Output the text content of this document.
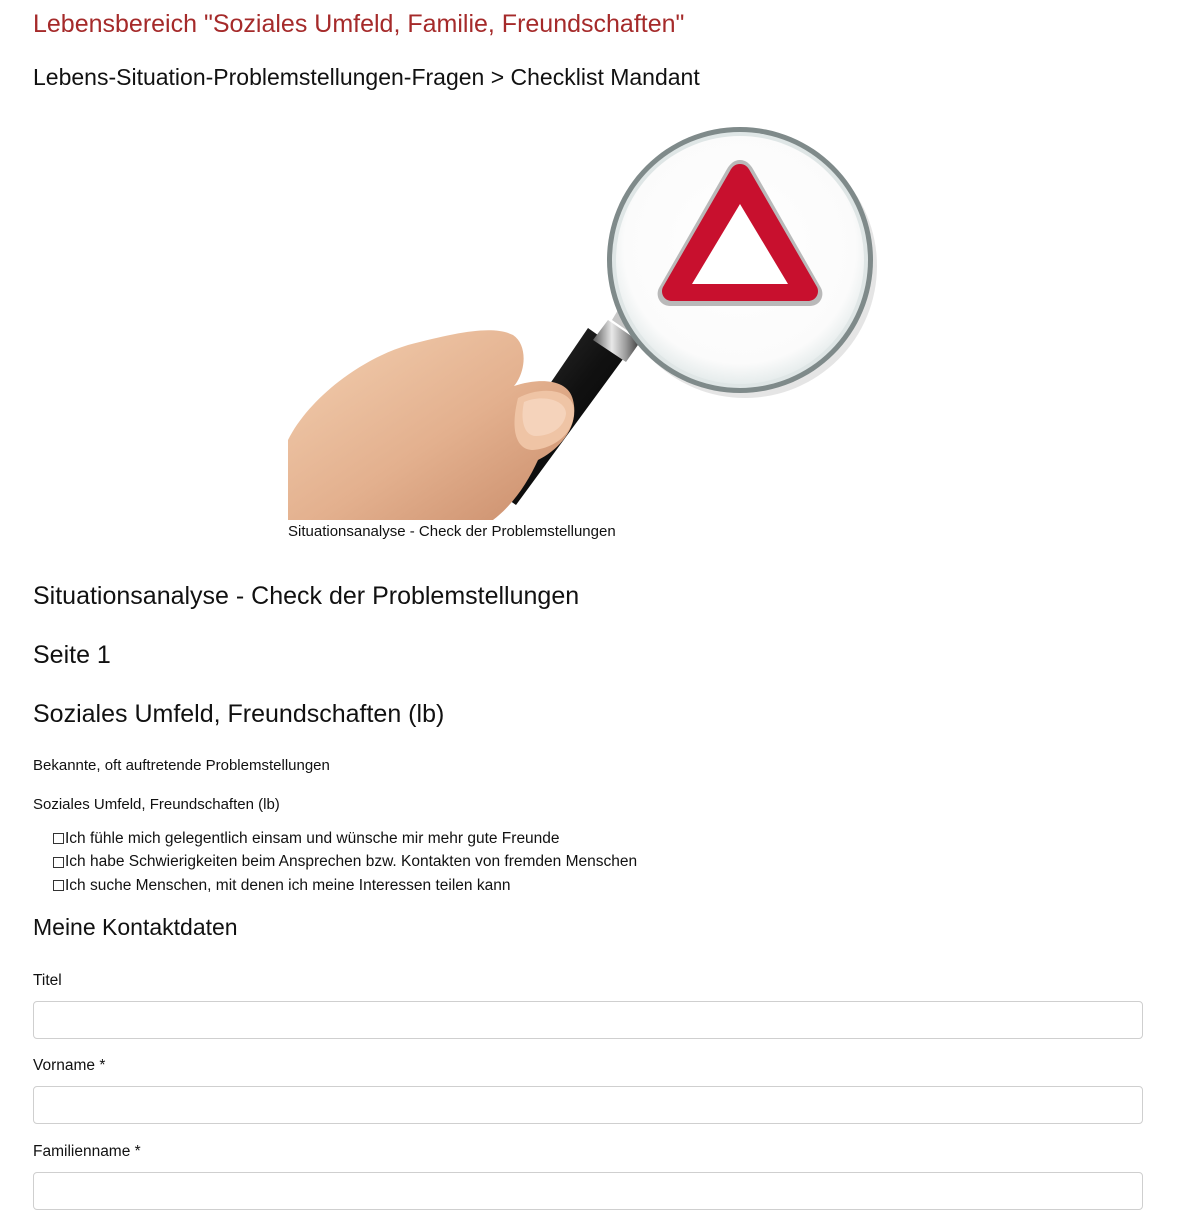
Lebensbereich "Soziales Umfeld, Familie, Freundschaften"
Lebens-Situation-Problemstellungen-Fragen > Checklist Mandant
Situationsanalyse - Check der Problemstellungen
Situationsanalyse - Check der Problemstellungen
Seite 1
Soziales Umfeld, Freundschaften (lb)
Bekannte, oft auftretende Problemstellungen
Soziales Umfeld, Freundschaften (lb)
Ich fühle mich gelegentlich einsam und wünsche mir mehr gute Freunde
Ich habe Schwierigkeiten beim Ansprechen bzw. Kontakten von fremden Menschen
Ich suche Menschen, mit denen ich meine Interessen teilen kann
Meine Kontaktdaten
Titel
Vorname *
Familienname *
